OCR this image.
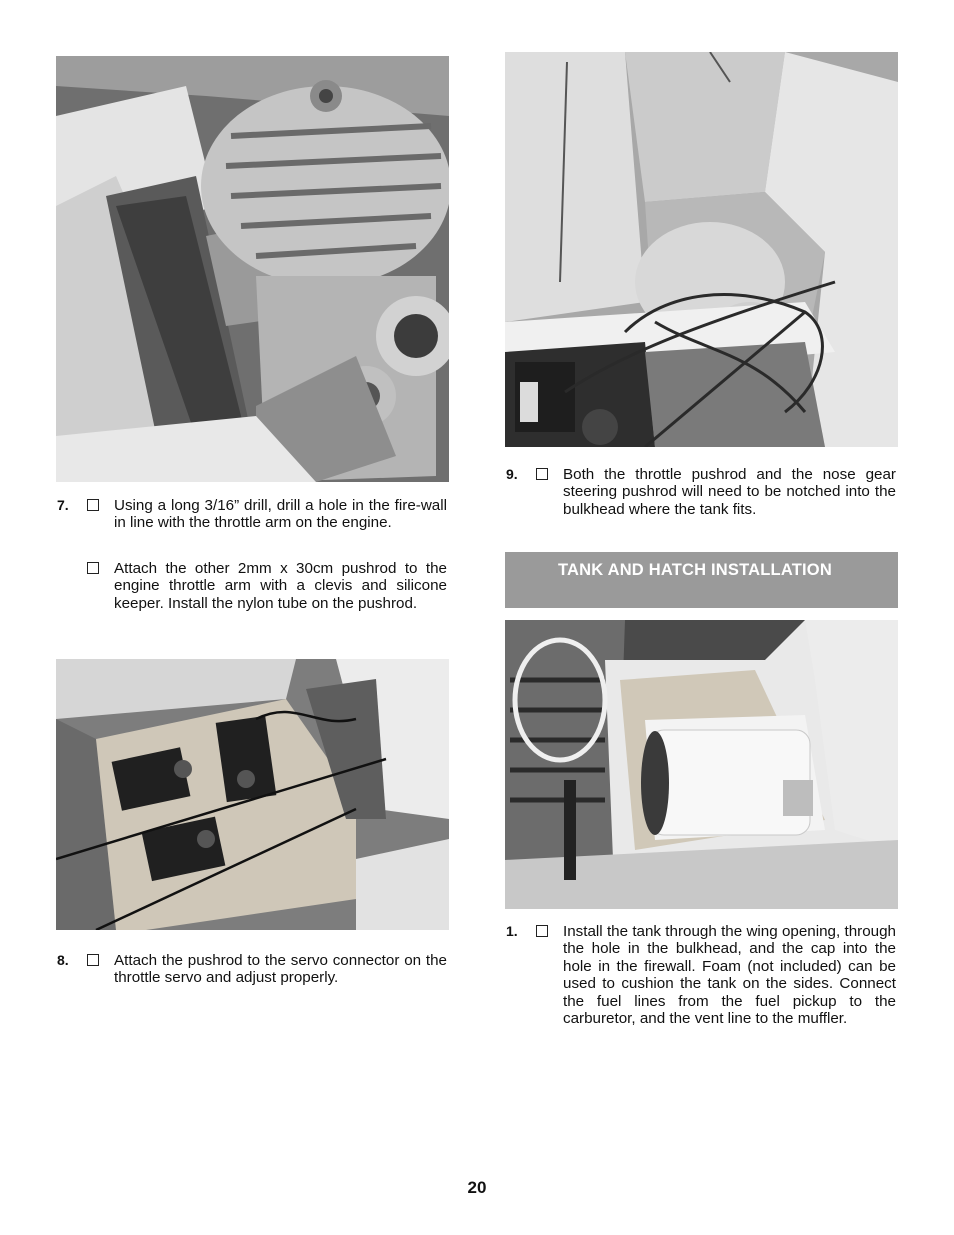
7.	Using a long 3/16” drill, drill a hole in the fire-wall in line with the throttle arm on the engine.

Attach the other 2mm x 30cm pushrod to the engine throttle arm with a clevis and silicone keeper. Install the nylon tube on the pushrod.

8.	Attach the pushrod to the servo connector on the throttle servo and adjust properly.

9.	Both the throttle pushrod and the nose gear steering pushrod will need to be notched into the bulkhead where the tank fits.

TANK AND HATCH INSTALLATION
1.	Install the tank through the wing opening, through the hole in the bulkhead, and the cap into the hole in the firewall. Foam (not included) can be used to cushion the tank on the sides. Connect the fuel lines from the fuel pickup to the carburetor, and the vent line to the muffler.

20
